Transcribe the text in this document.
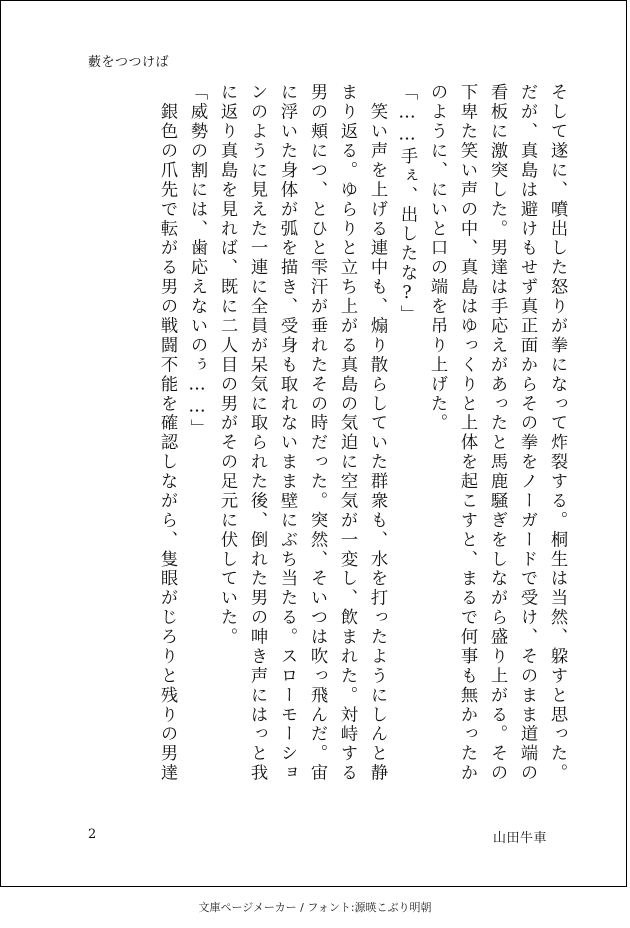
藪をつつけば
そして遂に、噴出した怒りが拳になって炸裂する。桐生は当然、躱すと思った。
だが、真島は避けもせず真正面からその拳をノーガードで受け、そのまま道端の
看板に激突した。男達は手応えがあったと馬鹿騒ぎをしながら盛り上がる。その
下卑た笑い声の中、真島はゆっくりと上体を起こすと、まるで何事も無かったか
のように、にいと口の端を吊り上げた。
「……手ぇ、出したな?」
　笑い声を上げる連中も、煽り散らしていた群衆も、水を打ったようにしんと静
まり返る。ゆらりと立ち上がる真島の気迫に空気が一変し、飲まれた。対峙する
男の頬につ、とひと雫汗が垂れたその時だった。突然、そいつは吹っ飛んだ。宙
に浮いた身体が弧を描き、受身も取れないまま壁にぶち当たる。スローモーショ
ンのように見えた一連に全員が呆気に取られた後、倒れた男の呻き声にはっと我
に返り真島を見れば、既に二人目の男がその足元に伏していた。
「威勢の割には、歯応えないのぅ……」
　銀色の爪先で転がる男の戦闘不能を確認しながら、隻眼がじろりと残りの男達
2	山田牛車
文庫ページメーカー / フォント:源暎こぶり明朝
